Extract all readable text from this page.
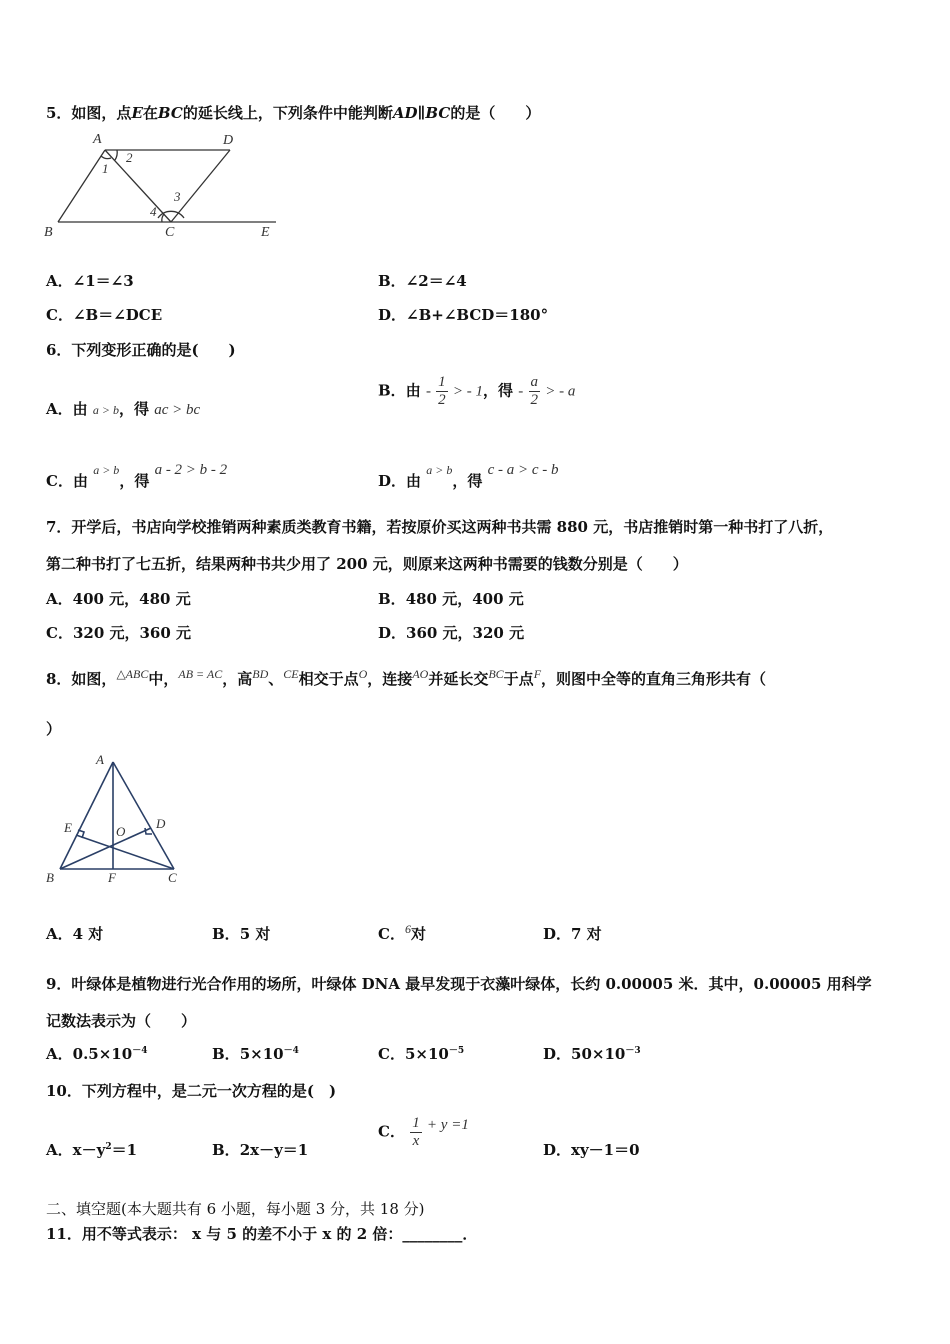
5．如图，点E在BC的延长线上，下列条件中能判断AD∥BC的是（　　）
A	D
B	C	E
1
2
3
4
A．∠1＝∠3	B．∠2＝∠4
C．∠B＝∠DCE	D．∠B+∠BCD＝180°
6．下列变形正确的是(　　)
A．由 a > b，得 ac > bc
B．由 - $\frac{1}{2}$ > - 1，得 - $\frac{a}{2}$ > - a
C．由 a > b，得 a - 2 > b - 2
D．由 a > b，得 c - a > c - b
7．开学后，书店向学校推销两种素质类教育书籍，若按原价买这两种书共需 880 元，书店推销时第一种书打了八折，
第二种书打了七五折，结果两种书共少用了 200 元，则原来这两种书需要的钱数分别是（　　）
A．400 元，480 元	B．480 元，400 元
C．320 元，360 元	D．360 元，320 元
8．如图，$^{\triangle ABC}$中，$^{AB = AC}$，高$^{BD}$、$^{CE}$相交于点$^O$，连接$^{AO}$并延长交$^{BC}$于点$^F$，则图中全等的直角三角形共有（
）
A
E	O
D
B	F	C
A．4 对	B．5 对	C．$^6$对	D．7 对
9．叶绿体是植物进行光合作用的场所，叶绿体 DNA 最早发现于衣藻叶绿体，长约 0.00005 米．其中，0.00005 用科学
记数法表示为（　　）
A．$0.5\times 10^{-4}$	B．$5\times 10^{-4}$	C．$5\times 10^{-5}$	D．$50\times 10^{-3}$
10．下列方程中，是二元一次方程的是(　)
A．$x-y^2=1$	B．2x－y＝1
C． $\frac{1}{x} + y =1$
D．xy－1＝0
二、填空题(本大题共有 6 小题，每小题 3 分，共 18 分)
11．用不等式表示： x 与 5 的差不小于 x 的 2 倍：________．
